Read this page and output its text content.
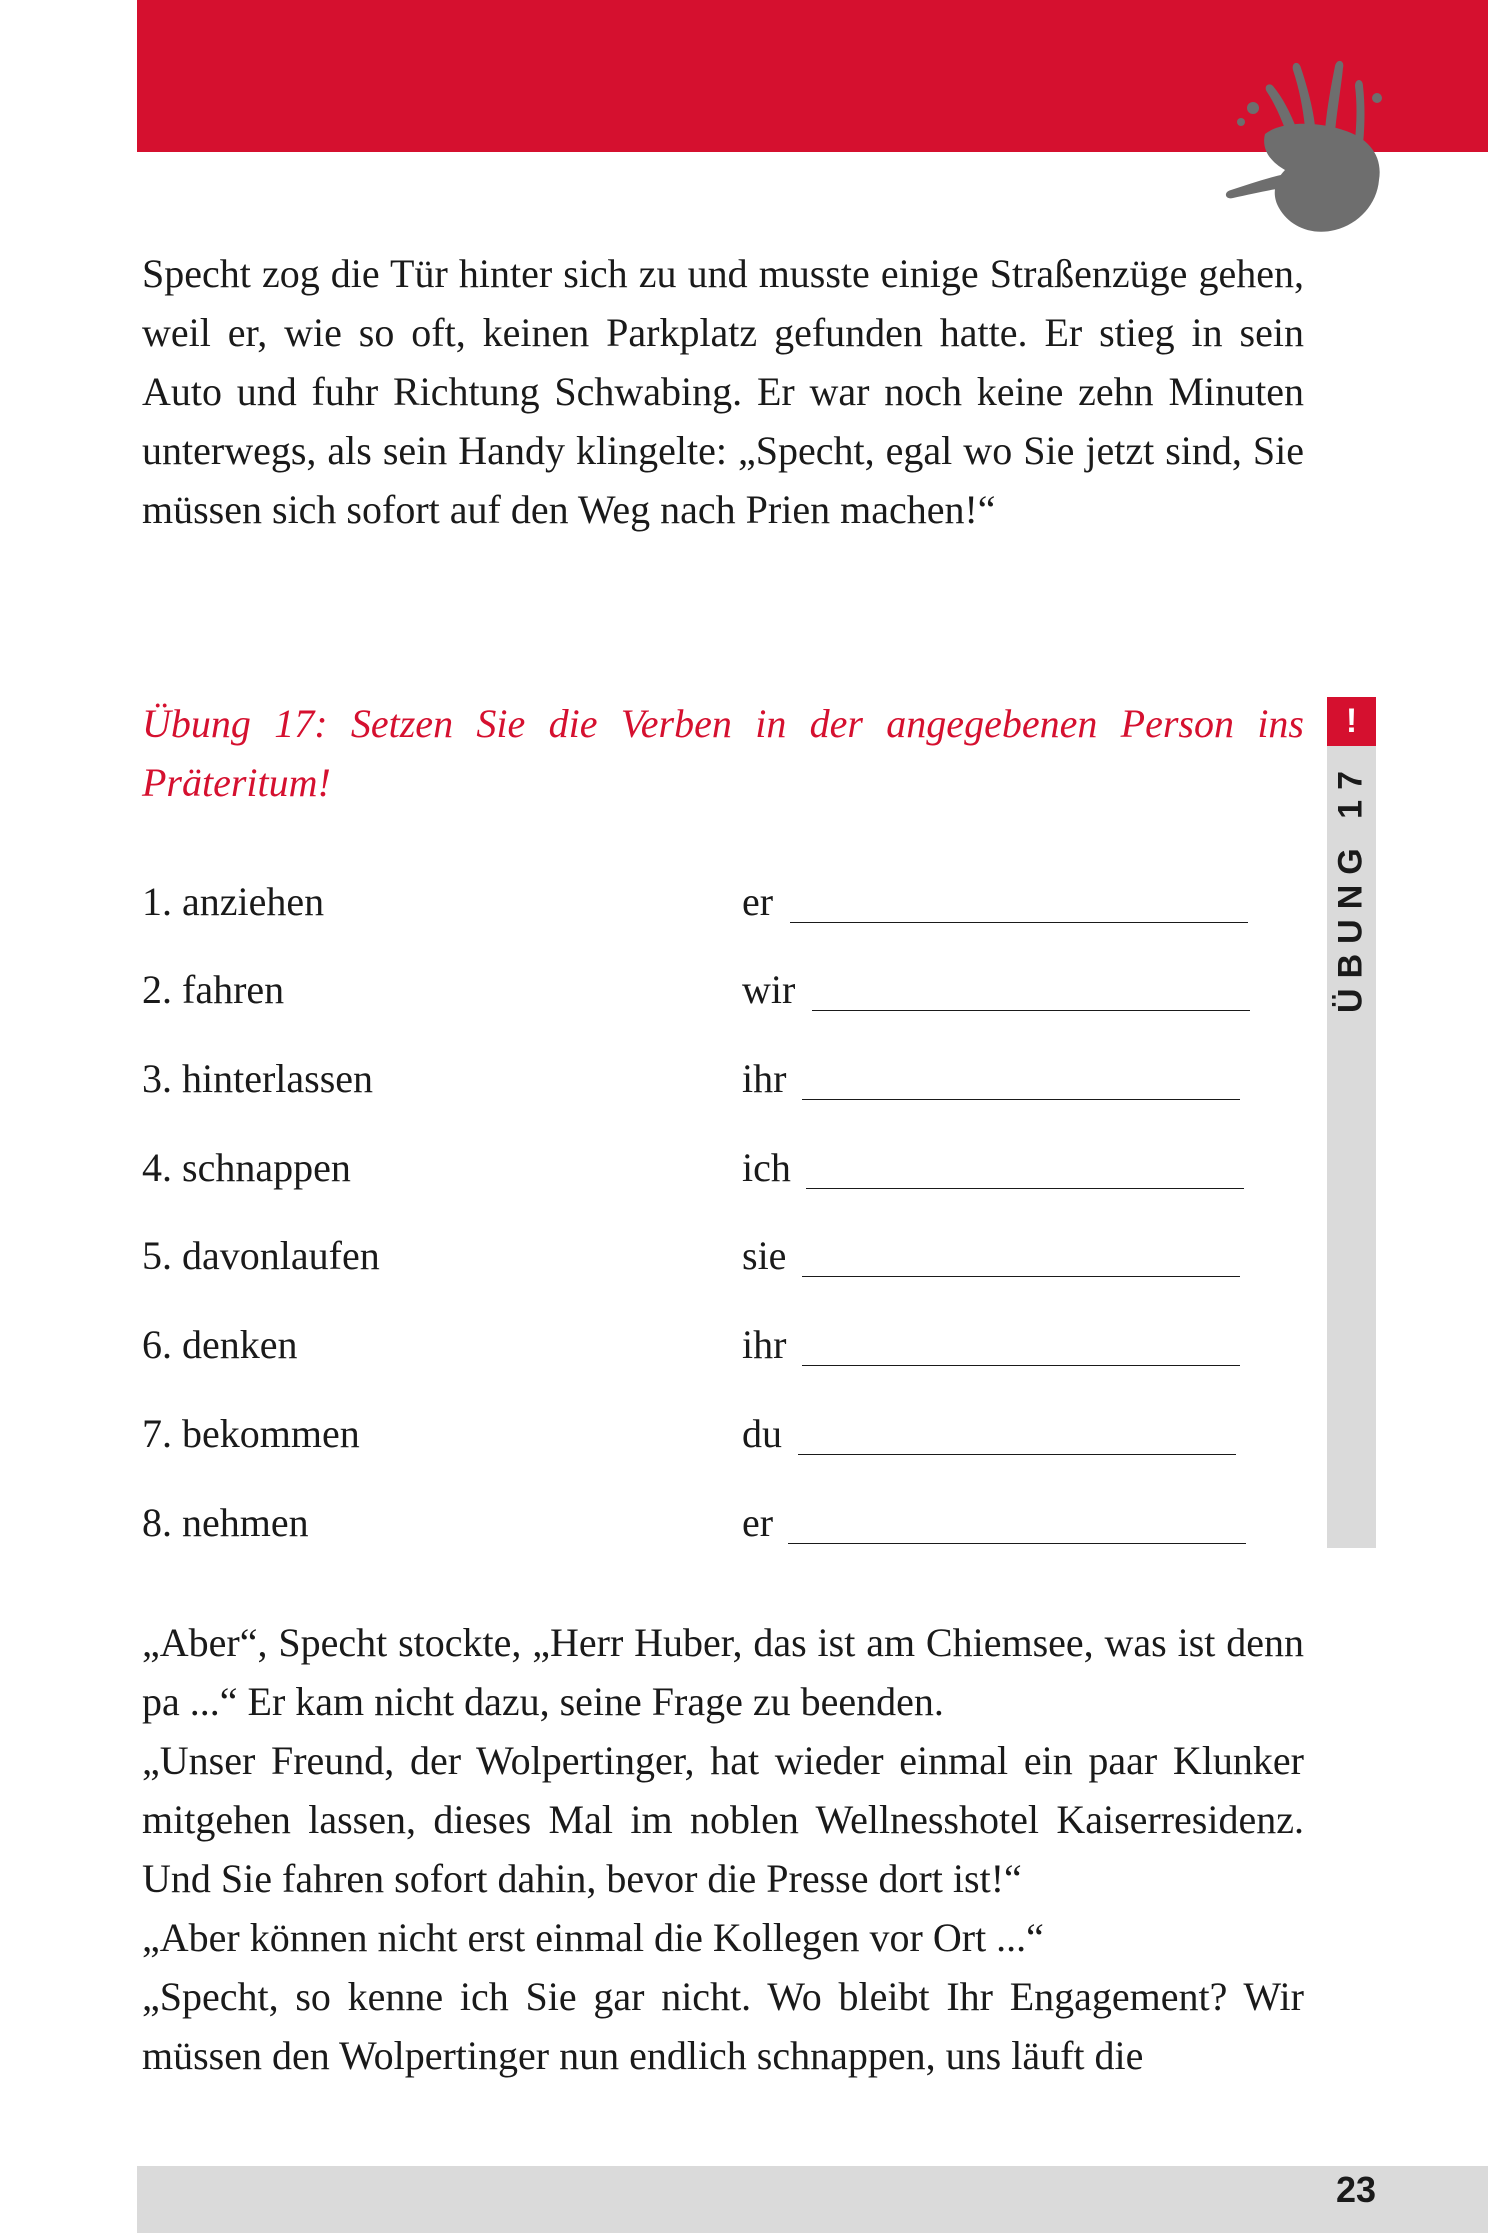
Specht zog die Tür hinter sich zu und musste einige Straßenzüge gehen, weil er, wie so oft, keinen Parkplatz gefunden hatte. Er stieg in sein Auto und fuhr Richtung Schwabing. Er war noch keine zehn Minuten unterwegs, als sein Handy klingelte: „Specht, egal wo Sie jetzt sind, Sie müssen sich sofort auf den Weg nach Prien machen!“

Übung 17: Setzen Sie die Verben in der angegebenen Person ins Präteritum!
1. anziehen	er
2. fahren	wir
3. hinterlassen	ihr
4. schnappen	ich
5. davonlaufen	sie
6. denken	ihr
7. bekommen	du
8. nehmen	er
!
ÜBUNG 17

„Aber“, Specht stockte, „Herr Huber, das ist am Chiemsee, was ist denn pa ...“ Er kam nicht dazu, seine Frage zu beenden.

„Unser Freund, der Wolpertinger, hat wieder einmal ein paar Klunker mitgehen lassen, dieses Mal im noblen Wellnesshotel Kaiserresidenz. Und Sie fahren sofort dahin, bevor die Presse dort ist!“

„Aber können nicht erst einmal die Kollegen vor Ort ...“

„Specht, so kenne ich Sie gar nicht. Wo bleibt Ihr Engagement? Wir müssen den Wolpertinger nun endlich schnappen, uns läuft die

23
